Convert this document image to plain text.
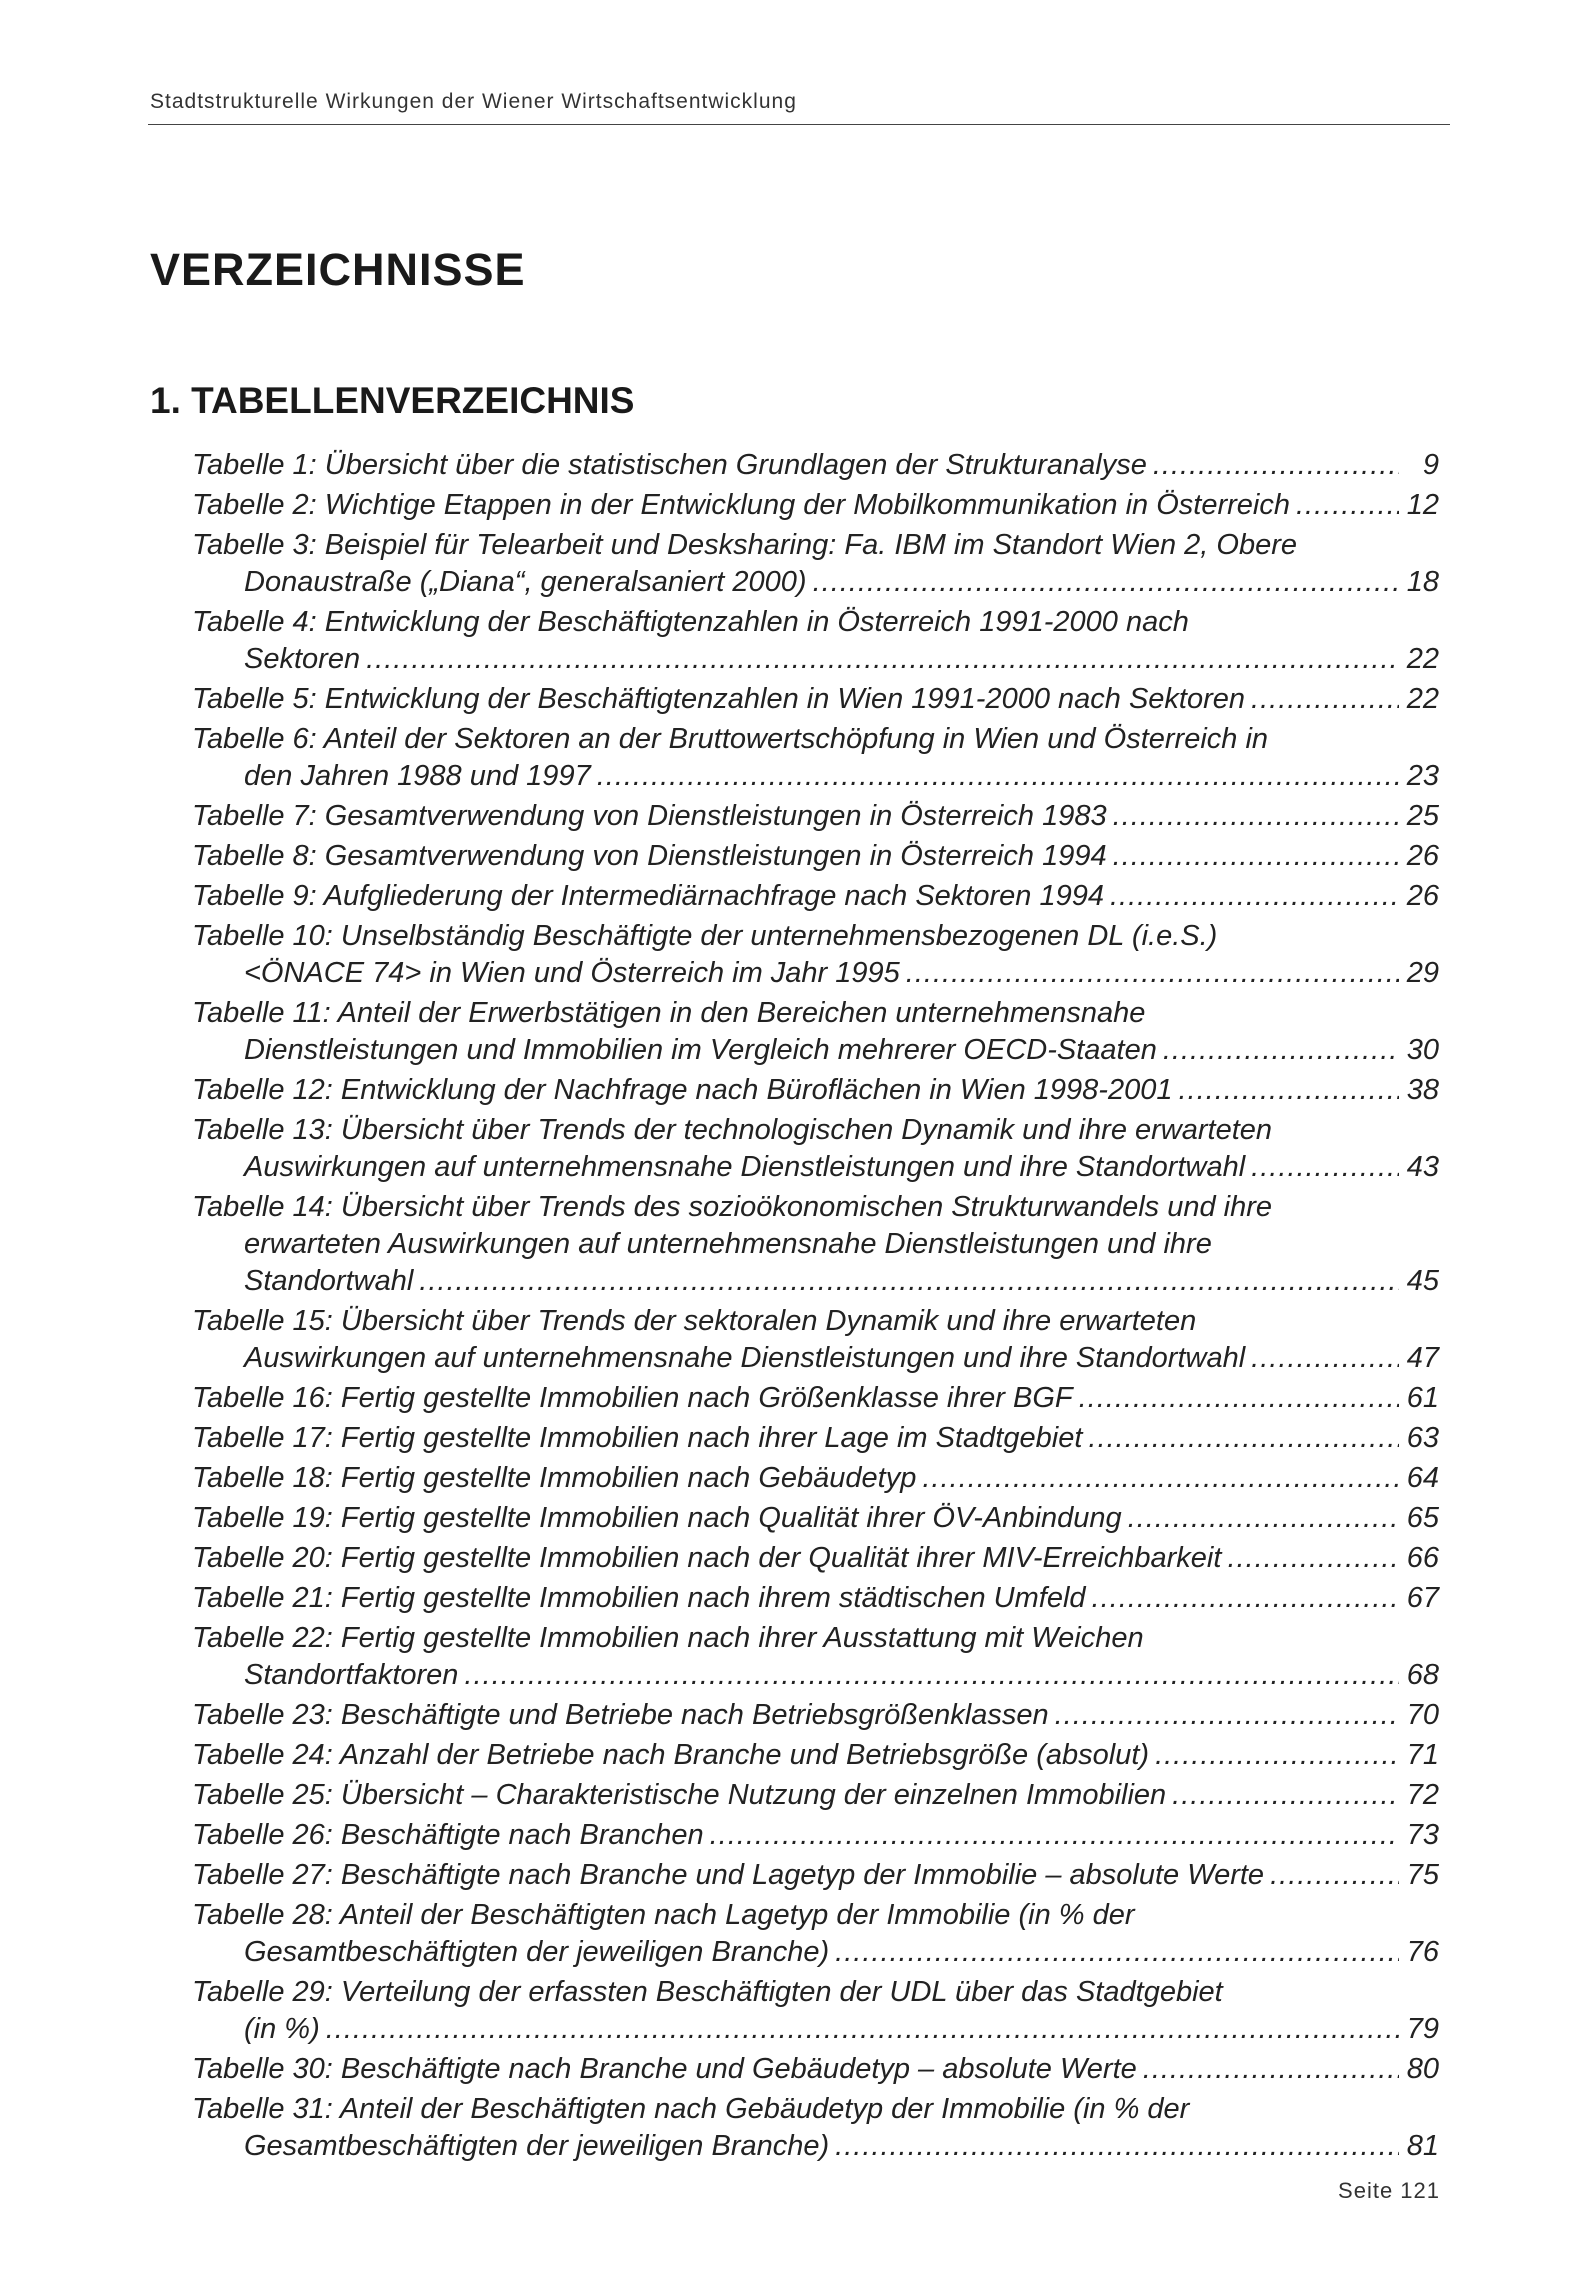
Stadtstrukturelle Wirkungen der Wiener Wirtschaftsentwicklung
VERZEICHNISSE
1. TABELLENVERZEICHNIS
Tabelle 1: Übersicht über die statistischen Grundlagen der Strukturanalyse .....	9
Tabelle 2: Wichtige Etappen in der Entwicklung der Mobilkommunikation in Österreich .....	12
Tabelle 3: Beispiel für Telearbeit und Desksharing: Fa. IBM im Standort Wien 2, Obere
Donaustraße („Diana“, generalsaniert 2000) .....	18
Tabelle 4: Entwicklung der Beschäftigtenzahlen in Österreich 1991-2000 nach
Sektoren .....	22
Tabelle 5: Entwicklung der Beschäftigtenzahlen in Wien 1991-2000 nach Sektoren .....	22
Tabelle 6: Anteil der Sektoren an der Bruttowertschöpfung in Wien und Österreich in
den Jahren 1988 und 1997 .....	23
Tabelle 7: Gesamtverwendung von Dienstleistungen in Österreich 1983 .....	25
Tabelle 8: Gesamtverwendung von Dienstleistungen in Österreich 1994 .....	26
Tabelle 9: Aufgliederung der Intermediärnachfrage nach Sektoren 1994 .....	26
Tabelle 10: Unselbständig Beschäftigte der unternehmensbezogenen DL (i.e.S.)
<ÖNACE 74> in Wien und Österreich im Jahr 1995 .....	29
Tabelle 11: Anteil der Erwerbstätigen in den Bereichen unternehmensnahe
Dienstleistungen und Immobilien im Vergleich mehrerer OECD-Staaten .....	30
Tabelle 12: Entwicklung der Nachfrage nach Büroflächen in Wien 1998-2001 .....	38
Tabelle 13: Übersicht über Trends der technologischen Dynamik und ihre erwarteten
Auswirkungen auf unternehmensnahe Dienstleistungen und ihre Standortwahl .....	43
Tabelle 14: Übersicht über Trends des sozioökonomischen Strukturwandels und ihre
erwarteten Auswirkungen auf unternehmensnahe Dienstleistungen und ihre
Standortwahl .....	45
Tabelle 15: Übersicht über Trends der sektoralen Dynamik und ihre erwarteten
Auswirkungen auf unternehmensnahe Dienstleistungen und ihre Standortwahl .....	47
Tabelle 16: Fertig gestellte Immobilien nach Größenklasse ihrer BGF .....	61
Tabelle 17: Fertig gestellte Immobilien nach ihrer Lage im Stadtgebiet .....	63
Tabelle 18: Fertig gestellte Immobilien nach Gebäudetyp .....	64
Tabelle 19: Fertig gestellte Immobilien nach Qualität ihrer ÖV-Anbindung .....	65
Tabelle 20: Fertig gestellte Immobilien nach der Qualität ihrer MIV-Erreichbarkeit .....	66
Tabelle 21: Fertig gestellte Immobilien nach ihrem städtischen Umfeld .....	67
Tabelle 22: Fertig gestellte Immobilien nach ihrer Ausstattung mit Weichen
Standortfaktoren .....	68
Tabelle 23: Beschäftigte und Betriebe nach Betriebsgrößenklassen .....	70
Tabelle 24: Anzahl der Betriebe nach Branche und Betriebsgröße (absolut) .....	71
Tabelle 25: Übersicht – Charakteristische Nutzung der einzelnen Immobilien .....	72
Tabelle 26: Beschäftigte nach Branchen .....	73
Tabelle 27: Beschäftigte nach Branche und Lagetyp der Immobilie – absolute Werte .....	75
Tabelle 28: Anteil der Beschäftigten nach Lagetyp der Immobilie (in % der
Gesamtbeschäftigten der jeweiligen Branche) .....	76
Tabelle 29: Verteilung der erfassten Beschäftigten der UDL über das Stadtgebiet
(in %) .....	79
Tabelle 30: Beschäftigte nach Branche und Gebäudetyp – absolute Werte .....	80
Tabelle 31: Anteil der Beschäftigten nach Gebäudetyp der Immobilie (in % der
Gesamtbeschäftigten der jeweiligen Branche) .....	81
Seite 121
